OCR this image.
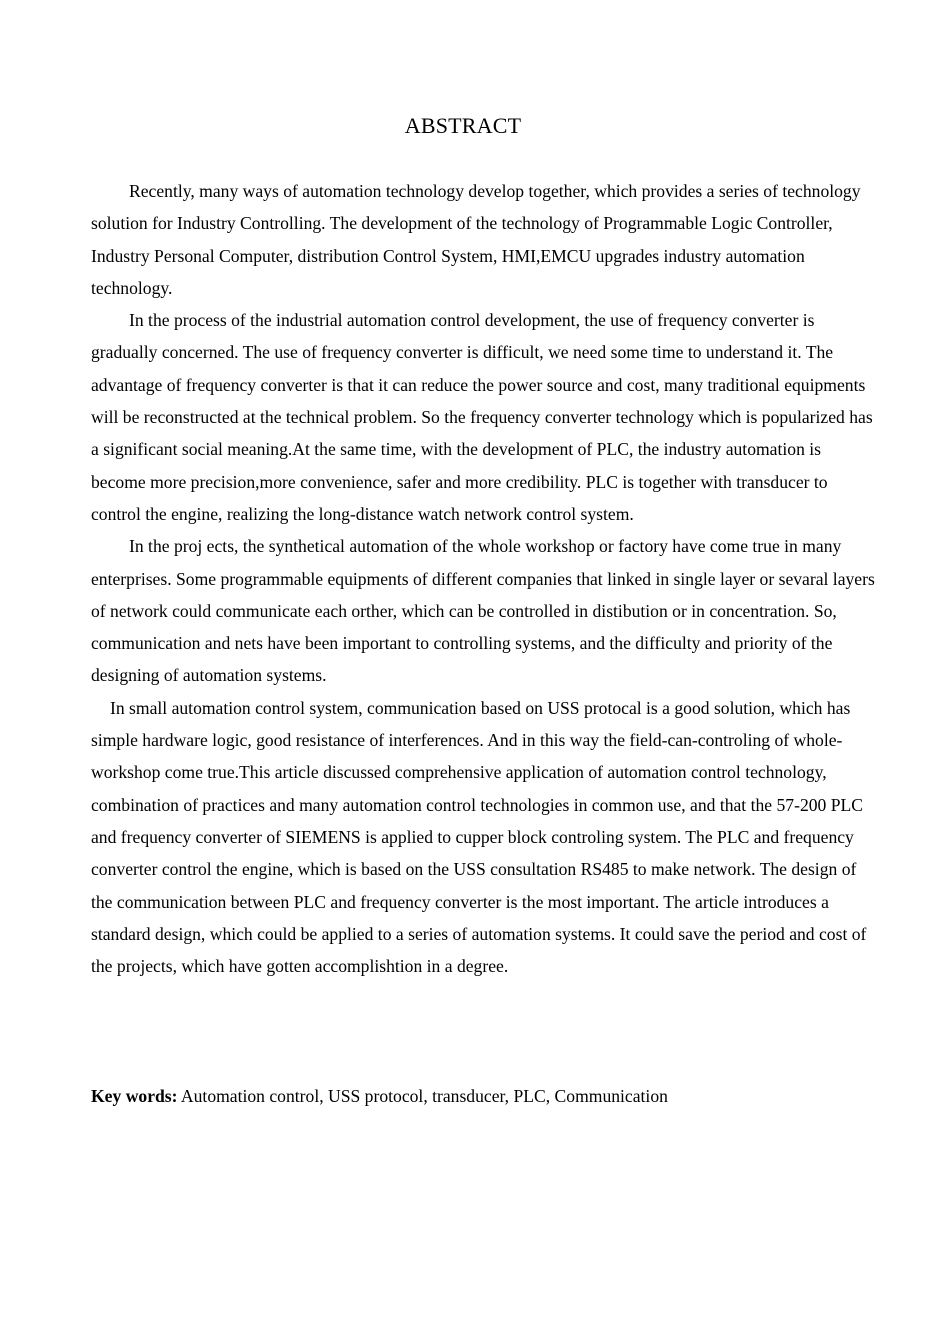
ABSTRACT

Recently, many ways of automation technology develop together, which provides a series of technology solution for Industry Controlling. The development of the technology of Programmable Logic Controller, Industry Personal Computer, distribution Control System, HMI,EMCU upgrades industry automation technology.

In the process of the industrial automation control development, the use of frequency converter is gradually concerned. The use of frequency converter is difficult, we need some time to understand it. The advantage of frequency converter is that it can reduce the power source and cost, many traditional equipments will be reconstructed at the technical problem. So the frequency converter technology which is popularized has a significant social meaning.At the same time, with the development of PLC, the industry automation is become more precision,more convenience, safer and more credibility. PLC is together with transducer to control the engine, realizing the long-distance watch network control system.

In the proj ects, the synthetical automation of the whole workshop or factory have come true in many enterprises. Some programmable equipments of different companies that linked in single layer or sevaral layers of network could communicate each orther, which can be controlled in distibution or in concentration. So, communication and nets have been important to controlling systems, and the difficulty and priority of the designing of automation systems.

In small automation control system, communication based on USS protocal is a good solution, which has simple hardware logic, good resistance of interferences. And in this way the field-can-controling of whole-workshop come true.This article discussed comprehensive application of automation control technology, combination of practices and many automation control technologies in common use, and that the 57-200 PLC and frequency converter of SIEMENS is applied to cupper block controling system. The PLC and frequency converter control the engine, which is based on the USS consultation RS485 to make network. The design of the communication between PLC and frequency converter is the most important. The article introduces a standard design, which could be applied to a series of automation systems. It could save the period and cost of the projects, which have gotten accomplishtion in a degree.

Key words: Automation control, USS protocol, transducer, PLC, Communication
